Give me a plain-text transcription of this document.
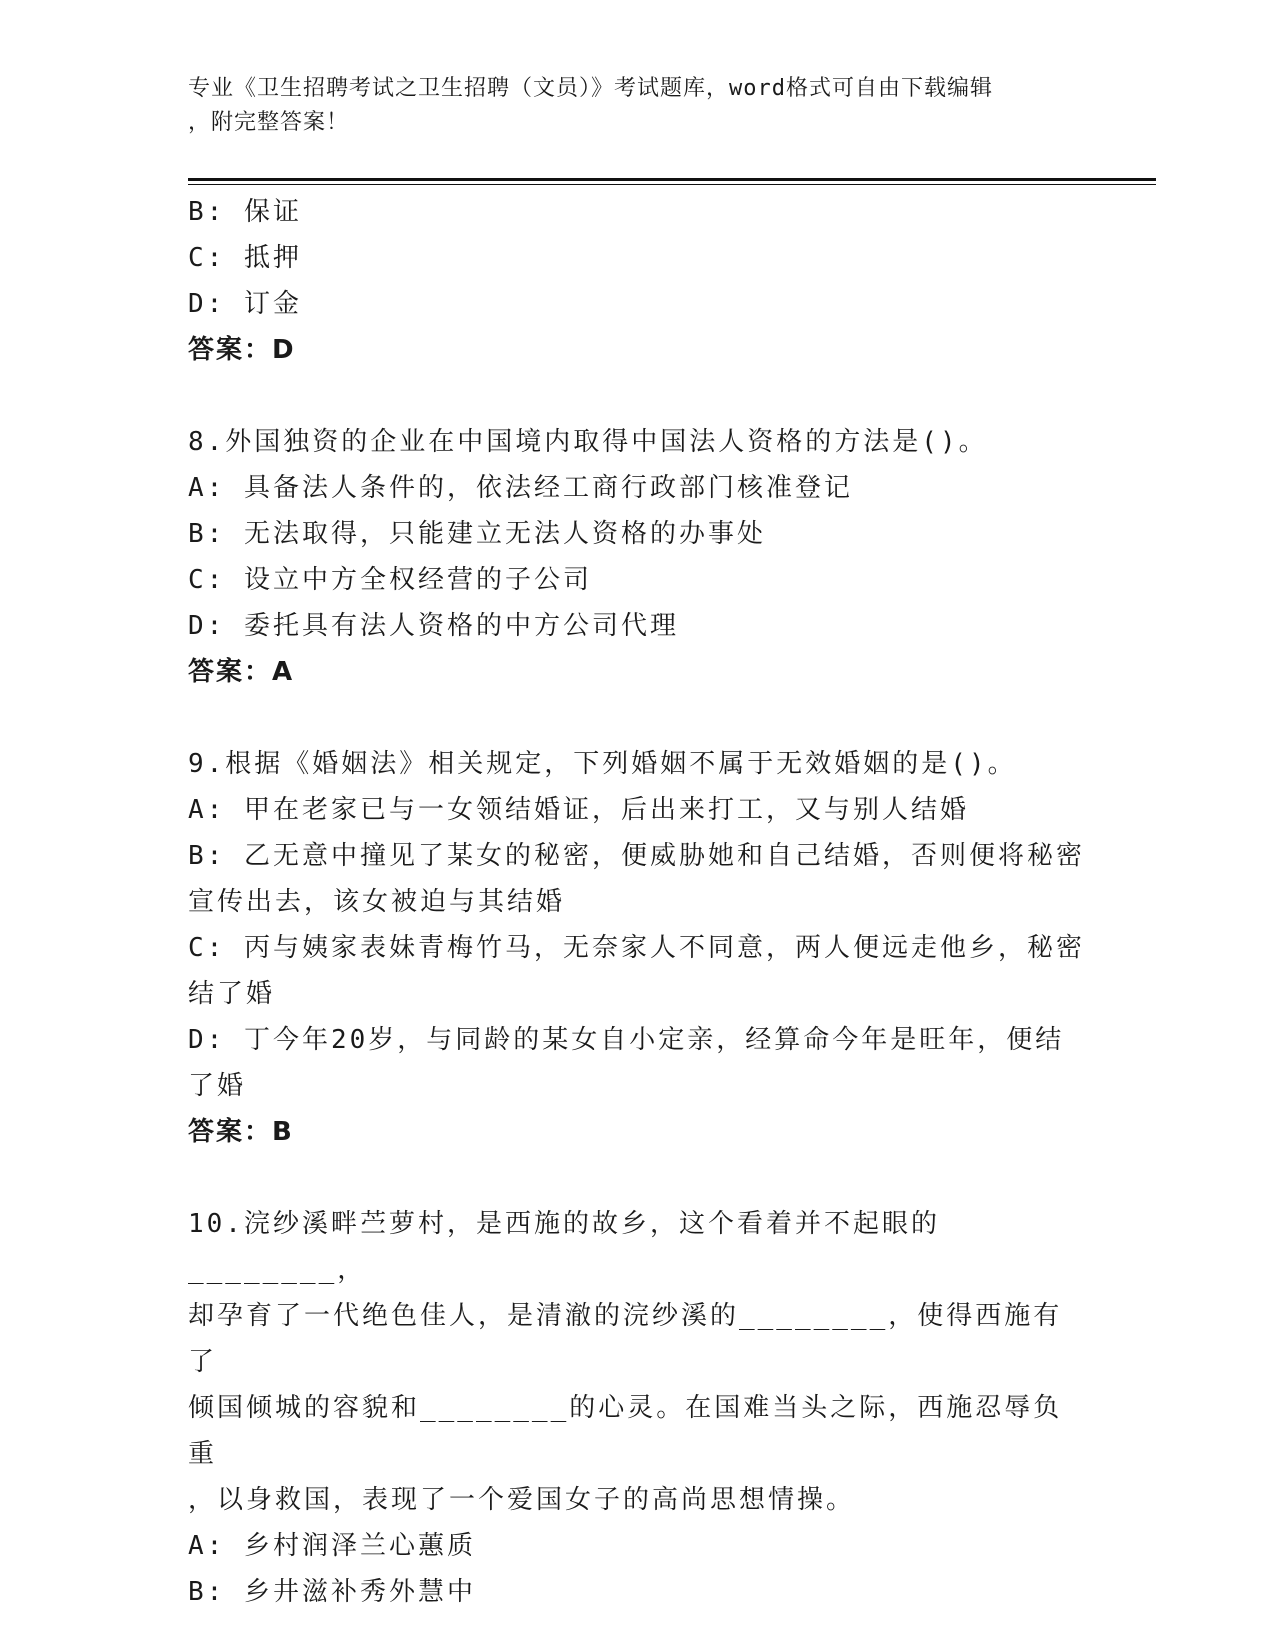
专业《卫生招聘考试之卫生招聘（文员）》考试题库，word格式可自由下载编辑
，附完整答案！
B: 保证
C: 抵押
D: 订金
答案：D
8.外国独资的企业在中国境内取得中国法人资格的方法是()。
A: 具备法人条件的，依法经工商行政部门核准登记
B: 无法取得，只能建立无法人资格的办事处
C: 设立中方全权经营的子公司
D: 委托具有法人资格的中方公司代理
答案：A
9.根据《婚姻法》相关规定，下列婚姻不属于无效婚姻的是()。
A: 甲在老家已与一女领结婚证，后出来打工，又与别人结婚
B: 乙无意中撞见了某女的秘密，便威胁她和自己结婚，否则便将秘密
宣传出去，该女被迫与其结婚
C: 丙与姨家表妹青梅竹马，无奈家人不同意，两人便远走他乡，秘密
结了婚
D: 丁今年20岁，与同龄的某女自小定亲，经算命今年是旺年，便结
了婚
答案：B
10.浣纱溪畔苎萝村，是西施的故乡，这个看着并不起眼的________，
却孕育了一代绝色佳人，是清澈的浣纱溪的________，使得西施有了
倾国倾城的容貌和________的心灵。在国难当头之际，西施忍辱负重
，以身救国，表现了一个爱国女子的高尚思想情操。
A: 乡村润泽兰心蕙质
B: 乡井滋补秀外慧中
